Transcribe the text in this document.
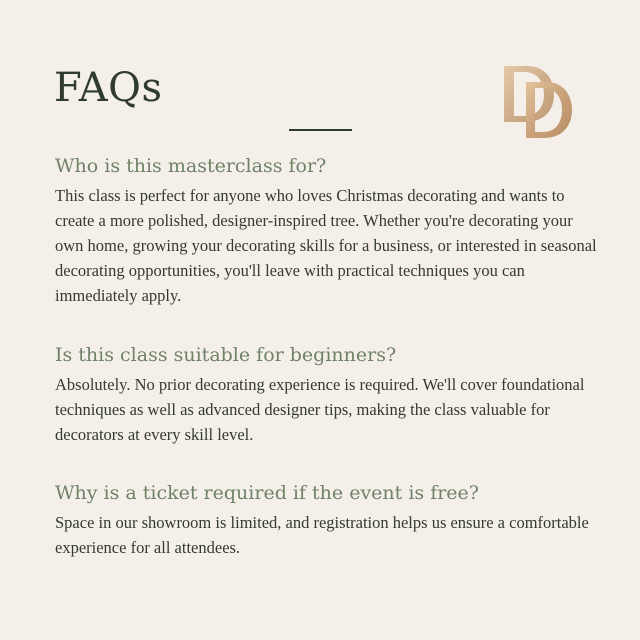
FAQs
Who is this masterclass for?

This class is perfect for anyone who loves Christmas decorating and wants to create a more polished, designer-inspired tree. Whether you're decorating your own home, growing your decorating skills for a business, or interested in seasonal decorating opportunities, you'll leave with practical techniques you can immediately apply.

Is this class suitable for beginners?

Absolutely. No prior decorating experience is required. We'll cover foundational techniques as well as advanced designer tips, making the class valuable for decorators at every skill level.

Why is a ticket required if the event is free?

Space in our showroom is limited, and registration helps us ensure a comfortable experience for all attendees.
